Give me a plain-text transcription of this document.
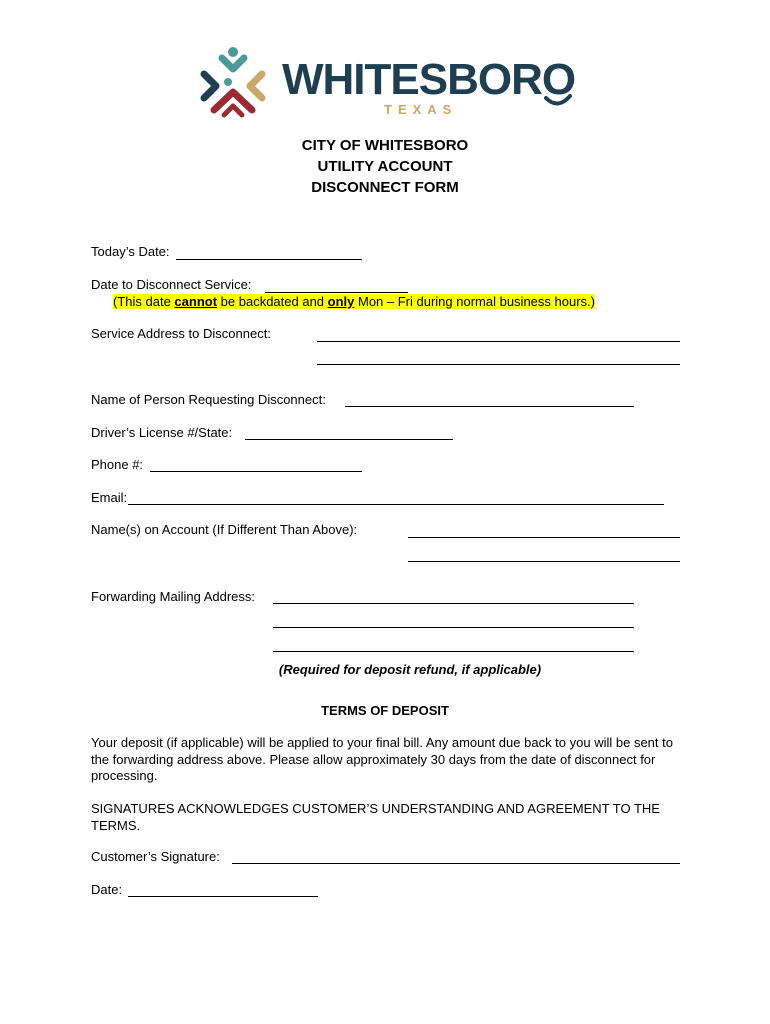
WHITESBORO
TEXAS
CITY OF WHITESBORO
UTILITY ACCOUNT
DISCONNECT FORM
Today’s Date:
Date to Disconnect Service:
(This date cannot be backdated and only Mon – Fri during normal business hours.)
Service Address to Disconnect:
Name of Person Requesting Disconnect:
Driver’s License #/State:
Phone #:
Email:
Name(s) on Account (If Different Than Above):
Forwarding Mailing Address:
(Required for deposit refund, if applicable)
TERMS OF DEPOSIT
Your deposit (if applicable) will be applied to your final bill. Any amount due back to you will be sent to the forwarding address above. Please allow approximately 30 days from the date of disconnect for processing.
SIGNATURES ACKNOWLEDGES CUSTOMER’S UNDERSTANDING AND AGREEMENT TO THE TERMS.
Customer’s Signature:
Date:
